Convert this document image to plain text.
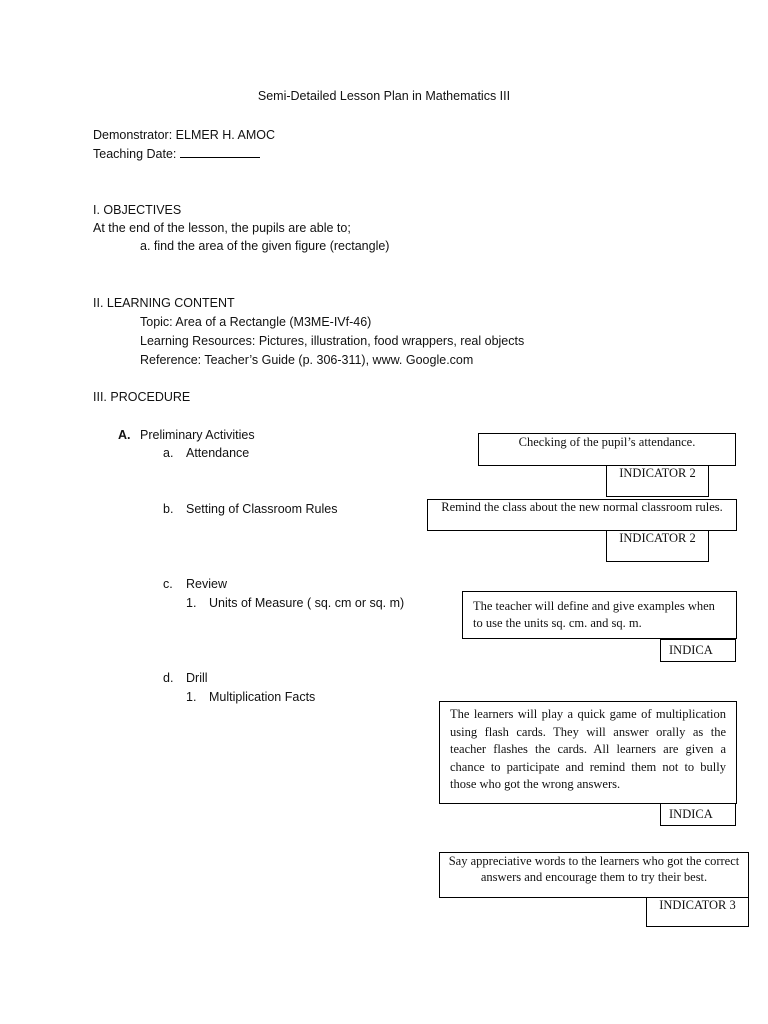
Semi-Detailed Lesson Plan in Mathematics III
Demonstrator: ELMER H. AMOC
Teaching Date:
I. OBJECTIVES
At the end of the lesson, the pupils are able to;
a. find the area of the given figure (rectangle)
II. LEARNING CONTENT
Topic: Area of a Rectangle (M3ME-IVf-46)
Learning Resources: Pictures, illustration, food wrappers, real objects
Reference: Teacher’s Guide (p. 306-311), www. Google.com
III. PROCEDURE
A. Preliminary Activities
a. Attendance
b. Setting of Classroom Rules
c. Review
1. Units of Measure ( sq. cm or sq. m)
d. Drill
1. Multiplication Facts
Checking of the pupil’s attendance.
INDICATOR 2
Remind the class about the new normal classroom rules.
INDICATOR 2
The teacher will define and give examples when to use the units sq. cm. and sq. m.
INDICA
The learners will play a quick game of multiplication using flash cards. They will answer orally as the teacher flashes the cards. All learners are given a chance to participate and remind them not to bully those who got the wrong answers.
INDICA
Say appreciative words to the learners who got the correct answers and encourage them to try their best.
INDICATOR 3
